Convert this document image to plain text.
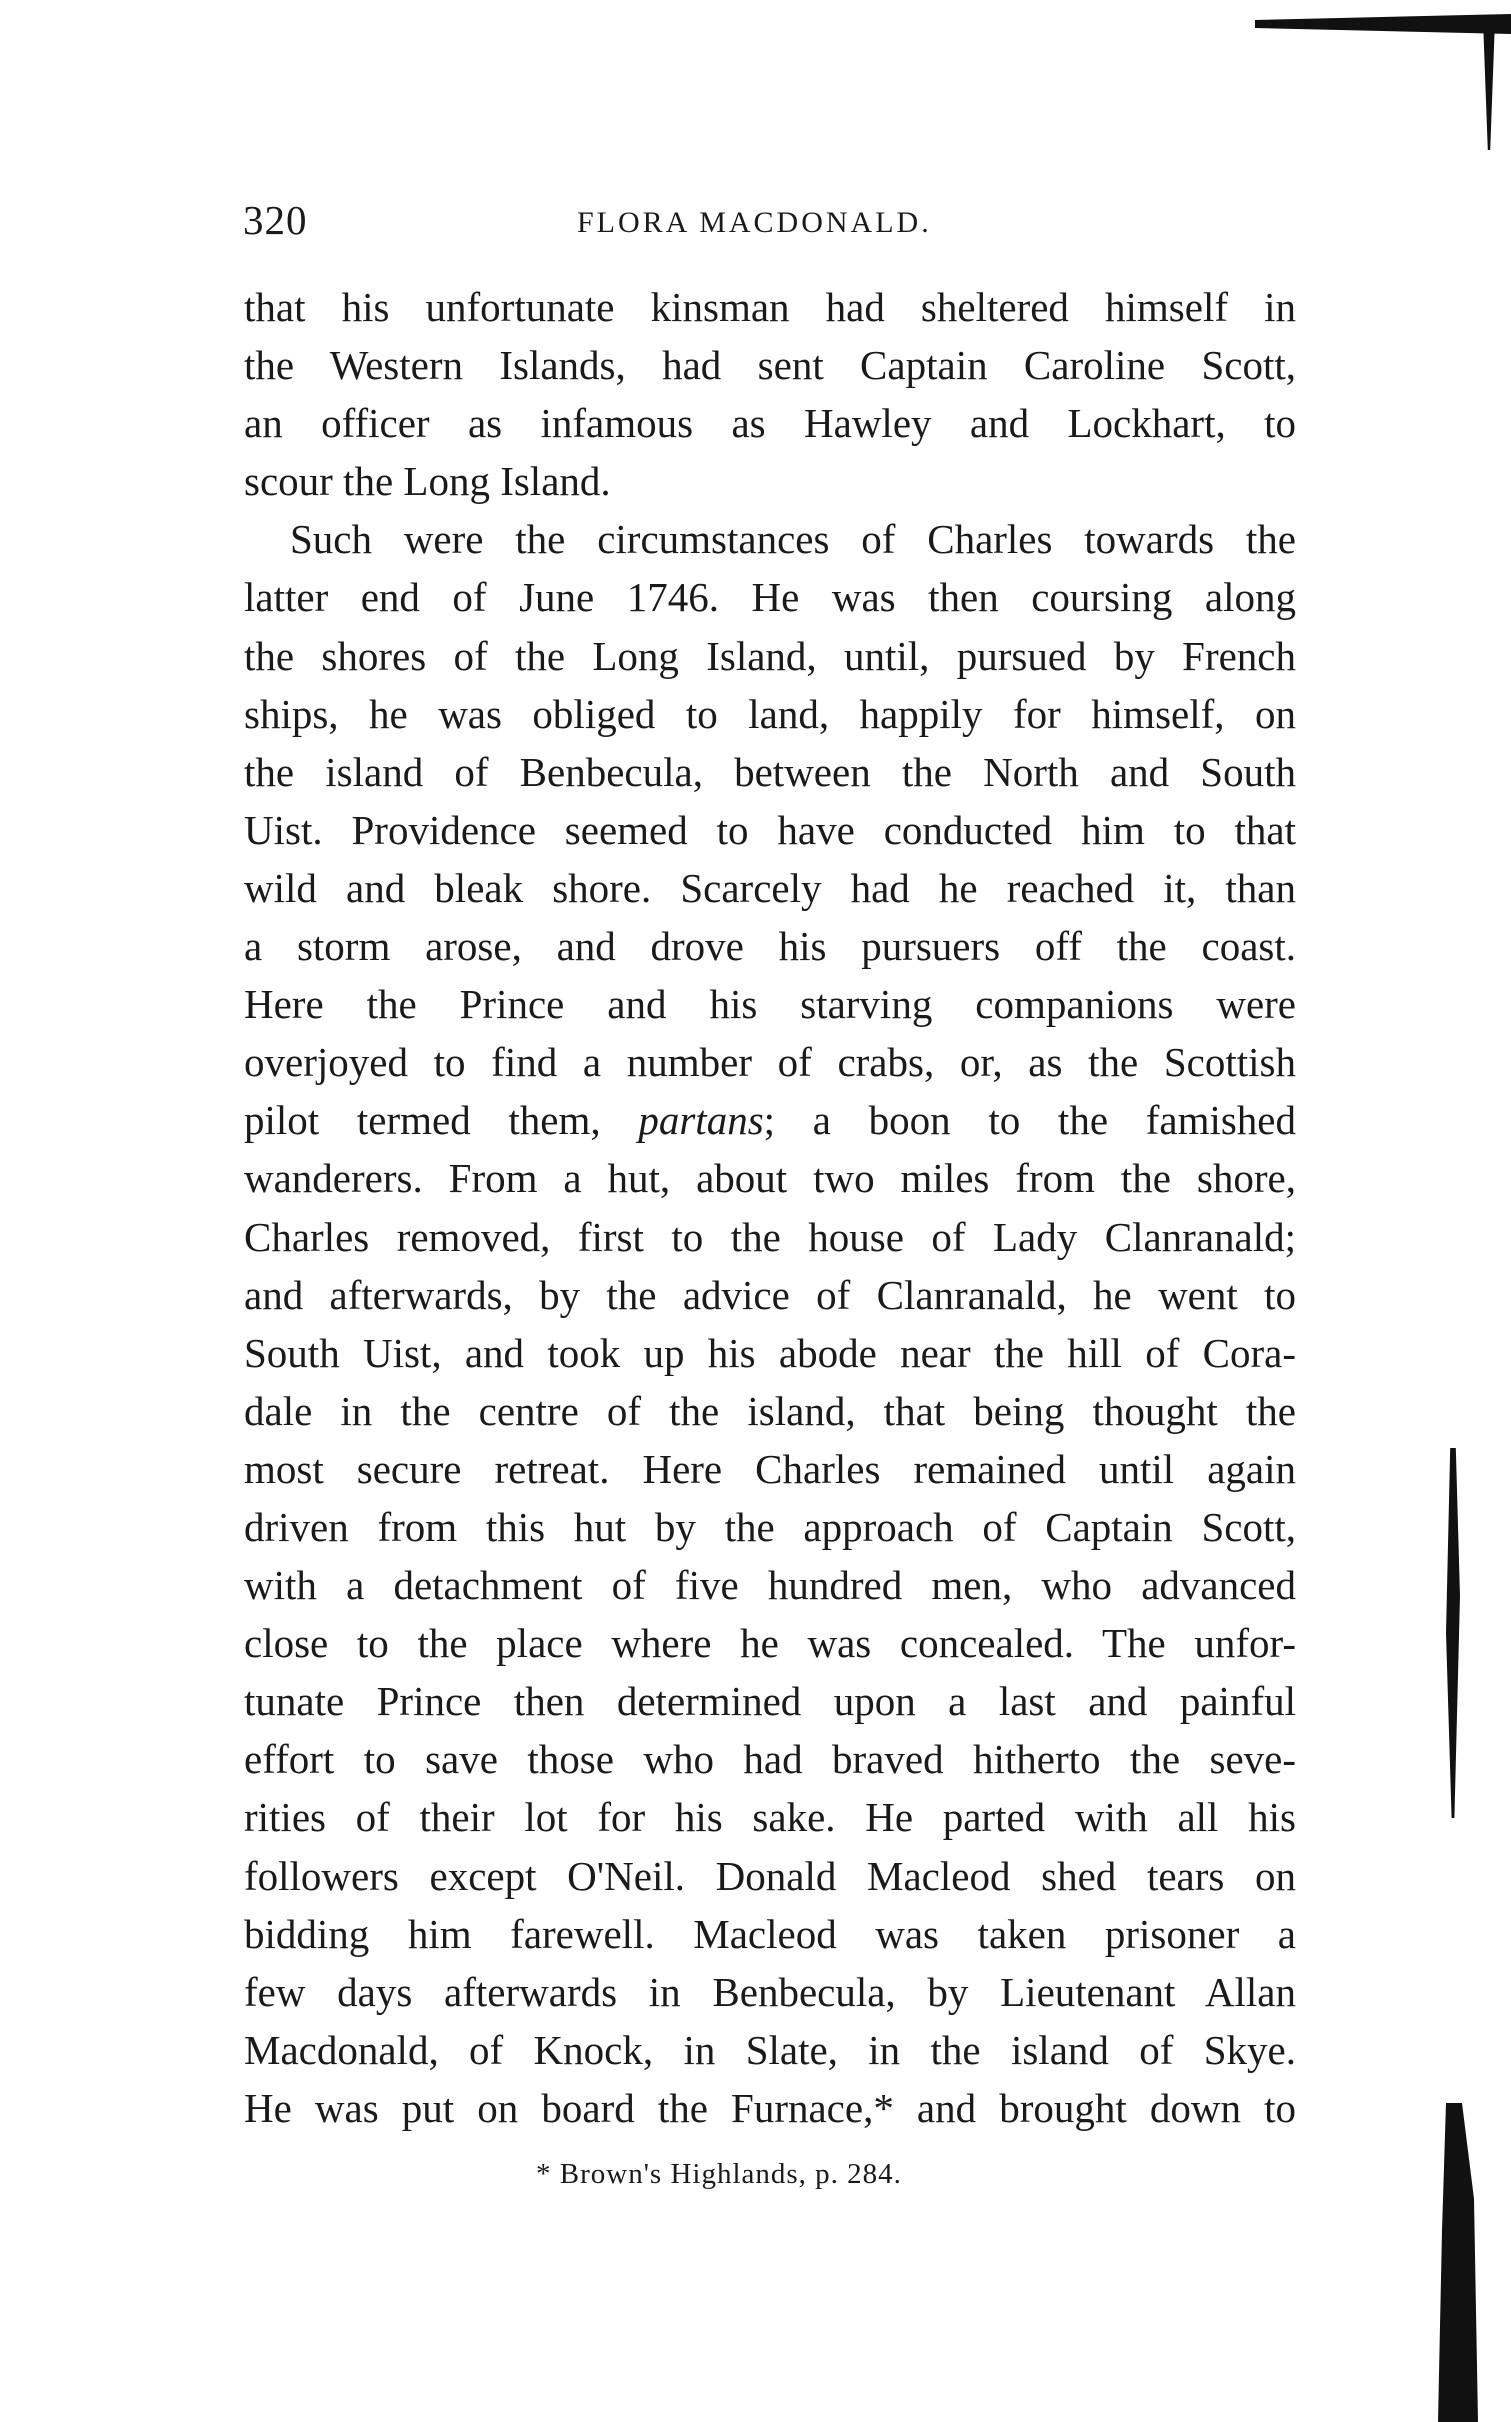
320	FLORA MACDONALD.
that his unfortunate kinsman had sheltered himself in
the Western Islands, had sent Captain Caroline Scott,
an officer as infamous as Hawley and Lockhart, to
scour the Long Island.
Such were the circumstances of Charles towards the
latter end of June 1746. He was then coursing along
the shores of the Long Island, until, pursued by French
ships, he was obliged to land, happily for himself, on
the island of Benbecula, between the North and South
Uist. Providence seemed to have conducted him to that
wild and bleak shore. Scarcely had he reached it, than
a storm arose, and drove his pursuers off the coast.
Here the Prince and his starving companions were
overjoyed to find a number of crabs, or, as the Scottish
pilot termed them, partans; a boon to the famished
wanderers. From a hut, about two miles from the shore,
Charles removed, first to the house of Lady Clanranald;
and afterwards, by the advice of Clanranald, he went to
South Uist, and took up his abode near the hill of Cora-
dale in the centre of the island, that being thought the
most secure retreat. Here Charles remained until again
driven from this hut by the approach of Captain Scott,
with a detachment of five hundred men, who advanced
close to the place where he was concealed. The unfor-
tunate Prince then determined upon a last and painful
effort to save those who had braved hitherto the seve-
rities of their lot for his sake. He parted with all his
followers except O'Neil. Donald Macleod shed tears on
bidding him farewell. Macleod was taken prisoner a
few days afterwards in Benbecula, by Lieutenant Allan
Macdonald, of Knock, in Slate, in the island of Skye.
He was put on board the Furnace,* and brought down to
* Brown's Highlands, p. 284.
